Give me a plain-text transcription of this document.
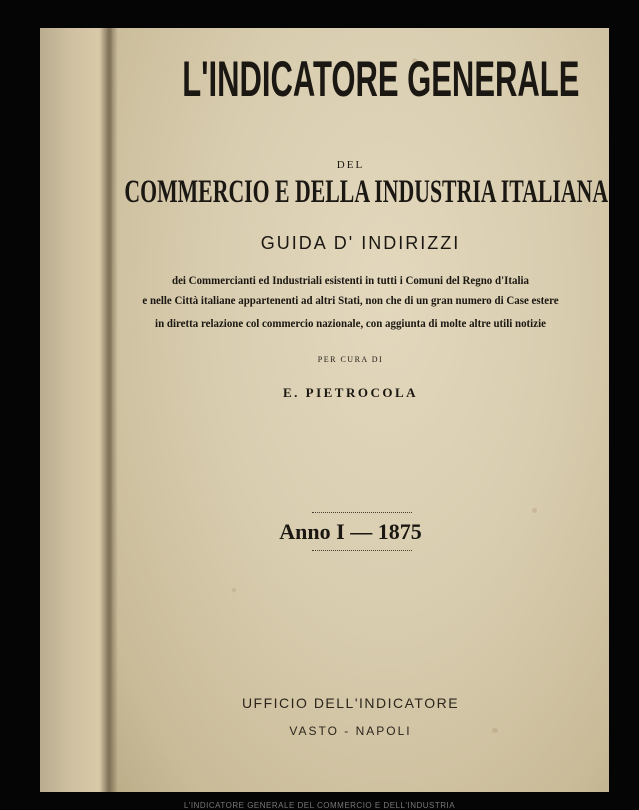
L'INDICATORE GENERALE
DEL
COMMERCIO E DELLA INDUSTRIA ITALIANA
GUIDA D' INDIRIZZI
dei Commercianti ed Industriali esistenti in tutti i Comuni del Regno d'Italia
e nelle Città italiane appartenenti ad altri Stati, non che di un gran numero di Case estere
in diretta relazione col commercio nazionale, con aggiunta di molte altre utili notizie
PER CURA DI
E. PIETROCOLA
Anno I — 1875
UFFICIO DELL'INDICATORE
VASTO - NAPOLI
L'INDICATORE GENERALE DEL COMMERCIO E DELL'INDUSTRIA
